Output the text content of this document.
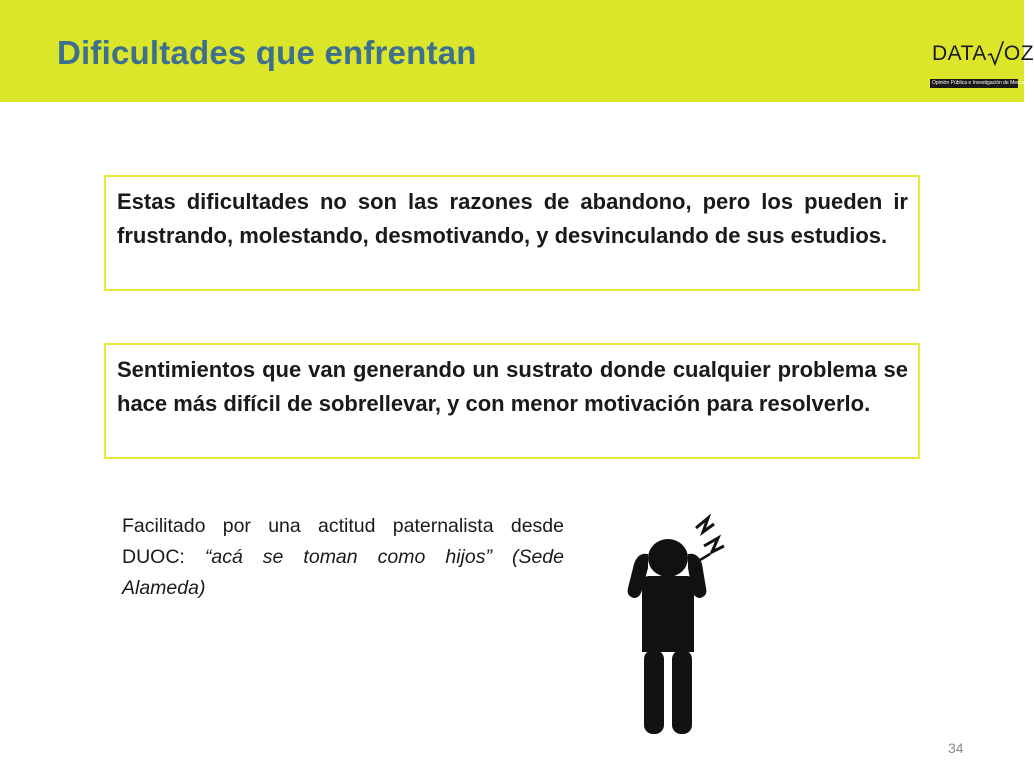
Dificultades que enfrentan	DATA OZ
Opinión Pública e Investigación de Mercado
Estas dificultades no son las razones de abandono, pero los pueden ir frustrando, molestando, desmotivando, y desvinculando de sus estudios.
Sentimientos que van generando un sustrato donde cualquier problema se hace más difícil de sobrellevar, y con menor motivación para resolverlo.
Facilitado por una actitud paternalista desde DUOC: “acá se toman como hijos” (Sede Alameda)
34
